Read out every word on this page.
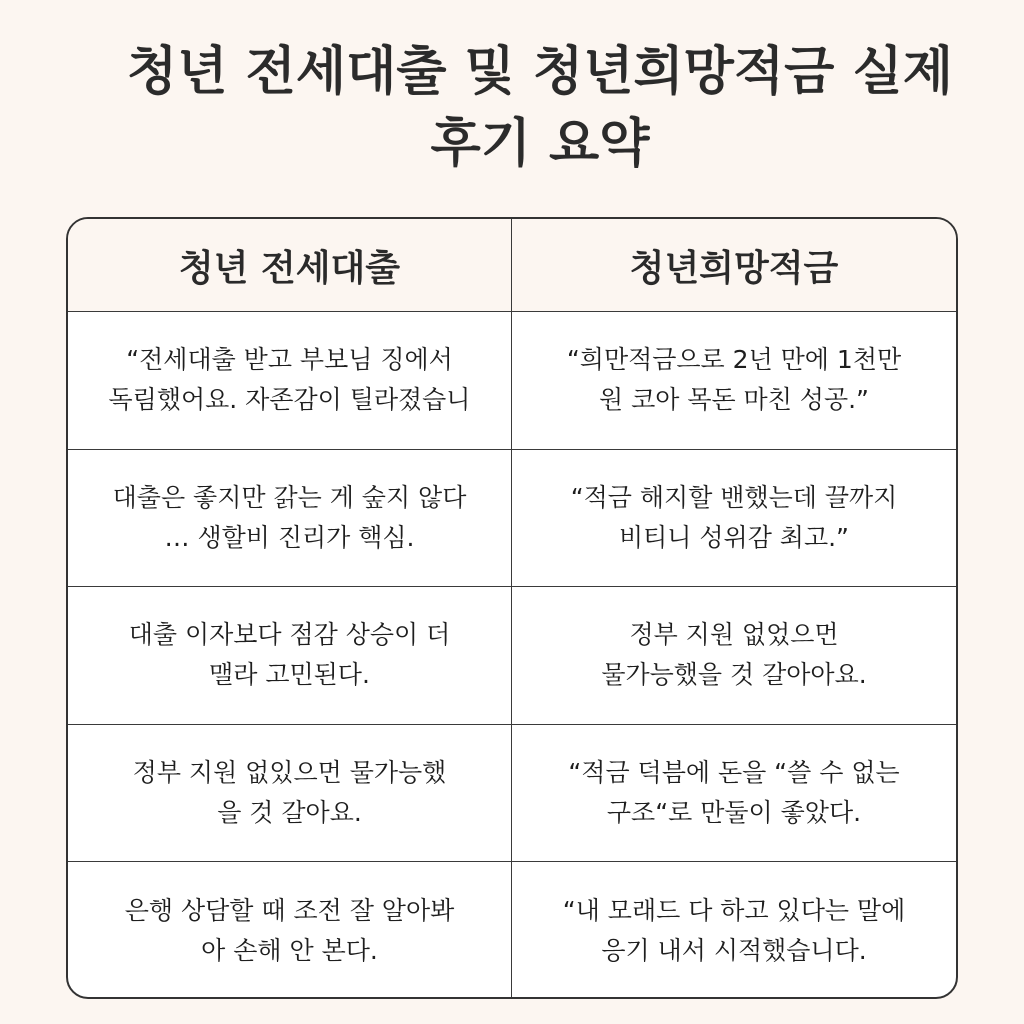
청년 전세대출 및 청년희망적금 실제
후기 요약
청년 전세대출	청년희망적금
“전세대출 받고 부보님 징에서
독림했어요. 자존감이 틸라졌습니
“희만적금으로 2넌 만에 1천만
원 코아 목돈 마친 성공.”
대출은 좋지만 갉는 게 숲지 않다
… 생할비 진리가 핵심.
“적금 해지할 밴했는데 끌까지
비티니 성위감 최고.”
대출 이자보다 점감 상승이 더
맬라 고민된다.
정부 지원 없었으먼
물가능했을 것 갈아아요.
정부 지원 없있으먼 물가능했
을 것 갈아요.
“적금 덕븜에 돈을 “쓸 수 없는
구조“로 만둘이 좋았다.
은행 상담할 때 조전 잘 알아봐
아 손해 안 본다.
“내 모래드 다 하고 있다는 말에
응기 내서 시적했습니다.
